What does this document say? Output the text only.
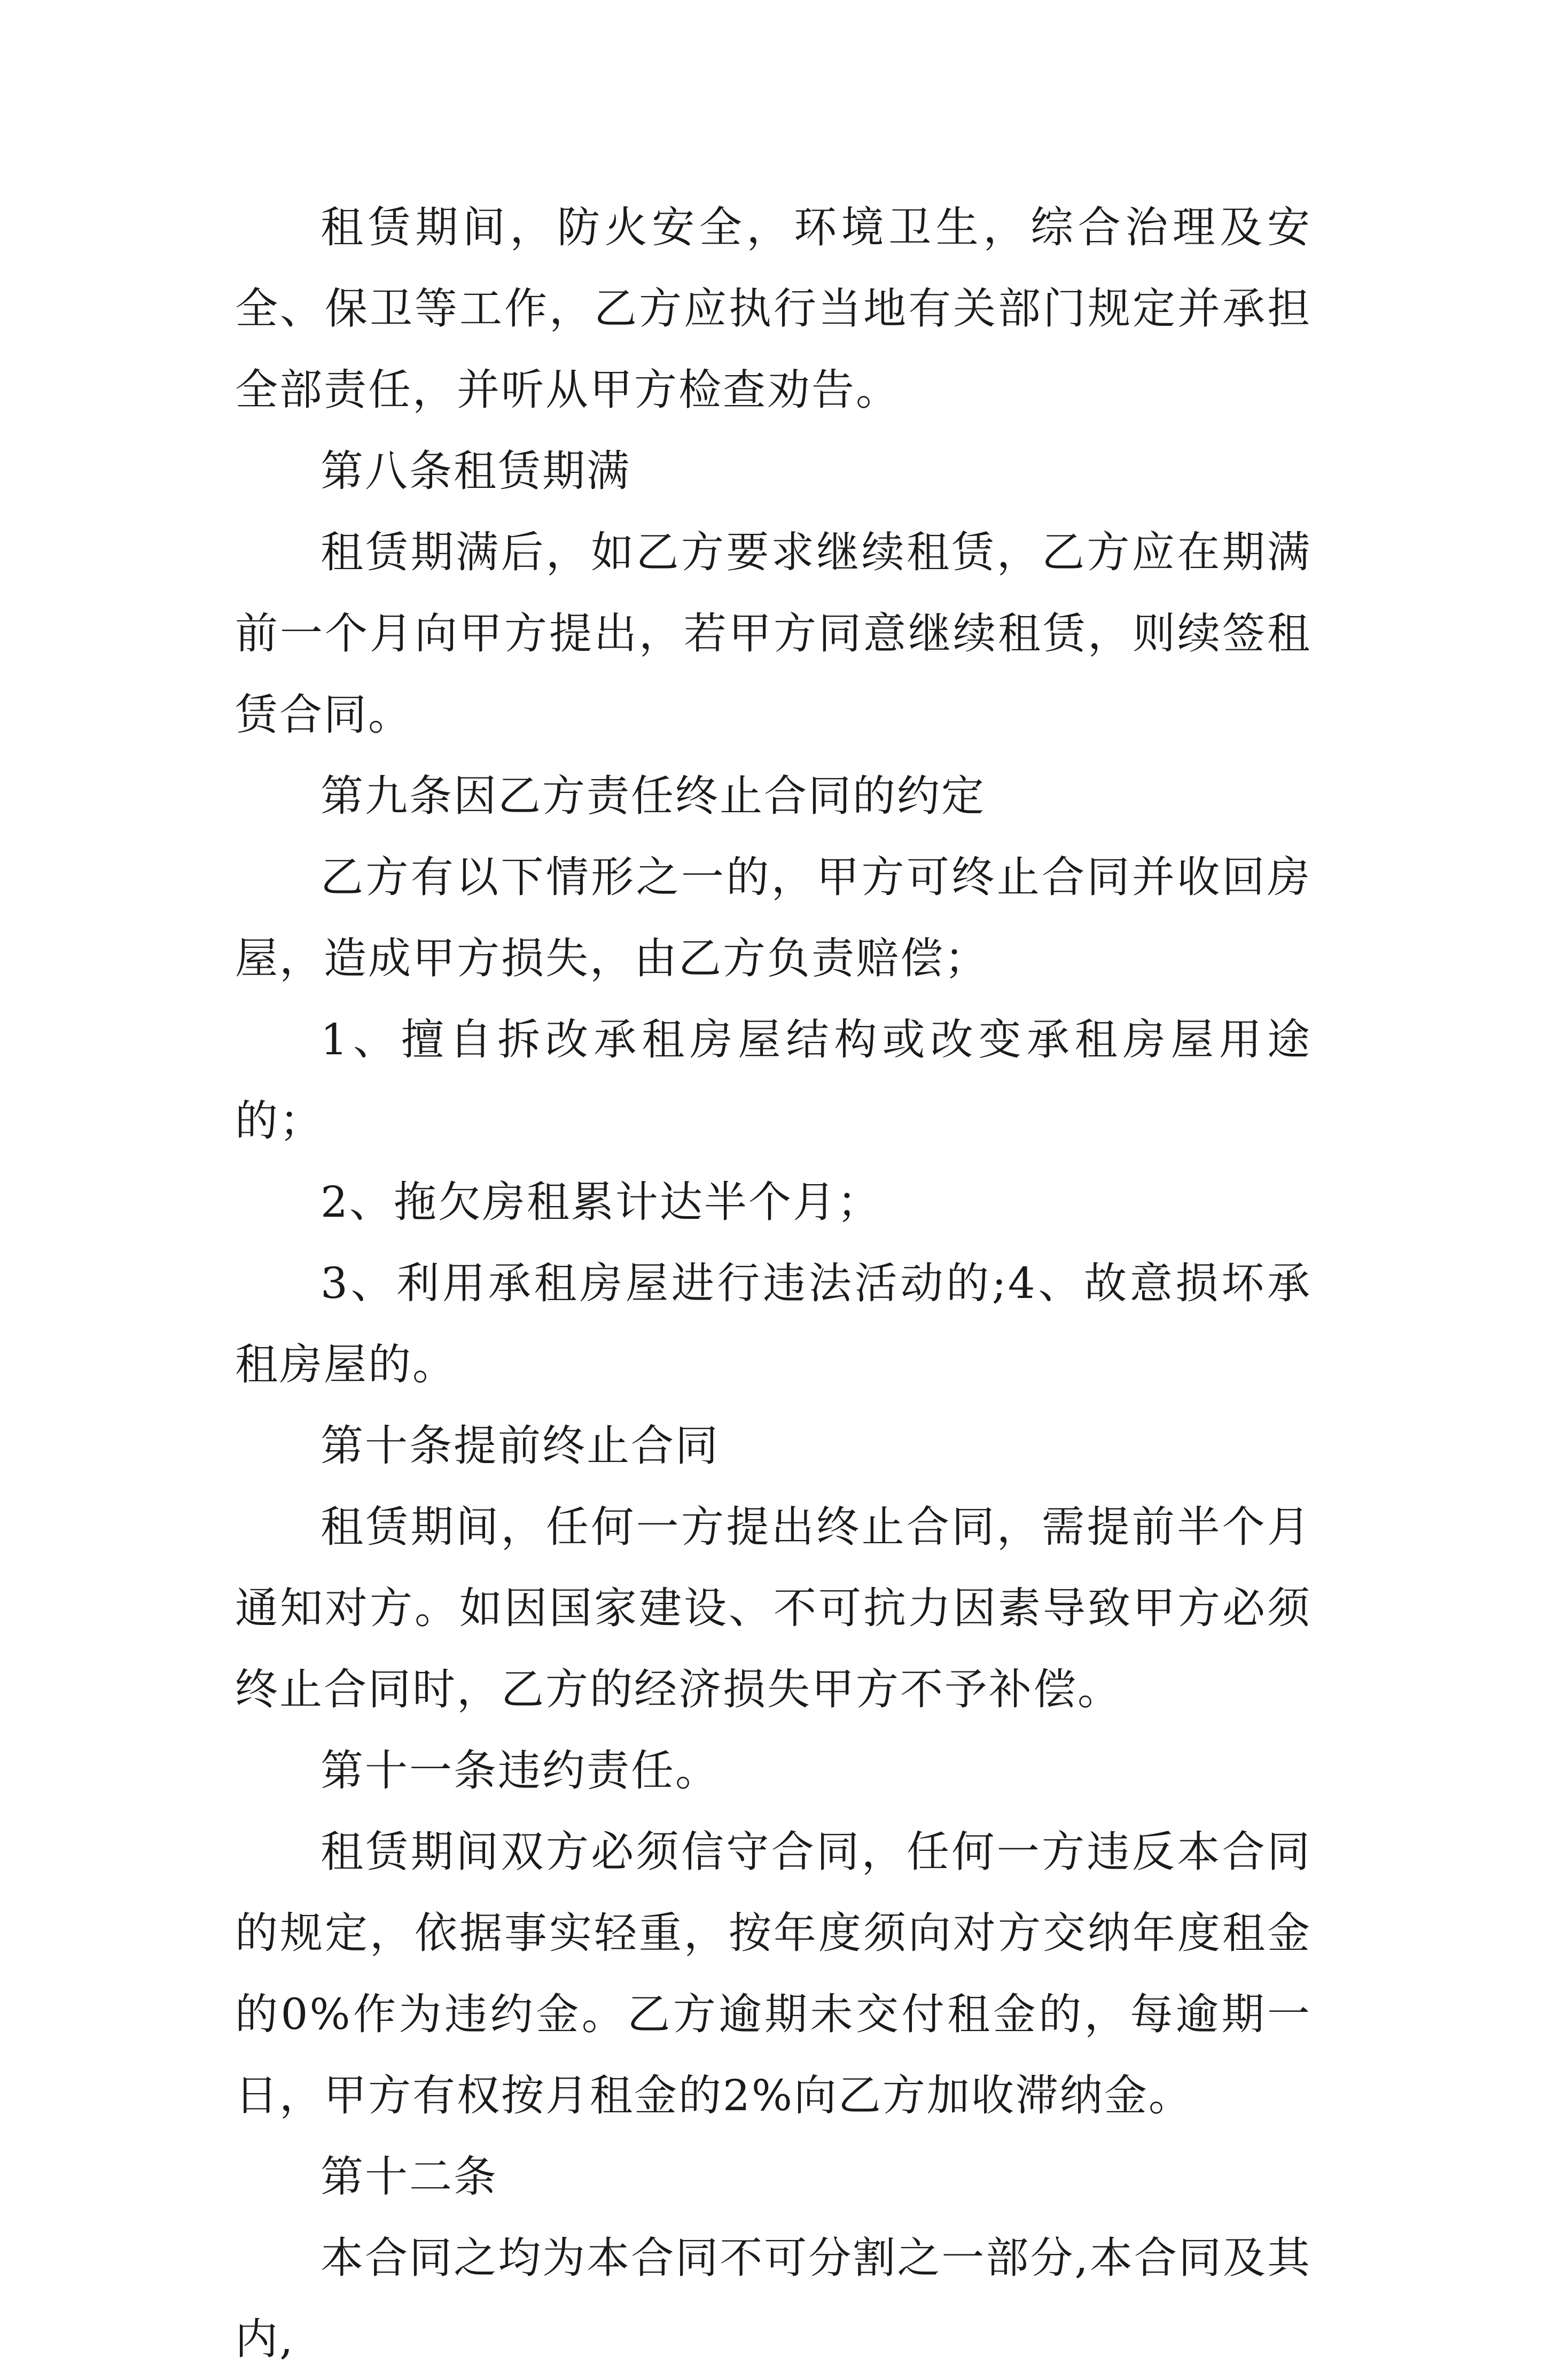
租赁期间，防火安全，环境卫生，综合治理及安全、保卫等工作，乙方应执行当地有关部门规定并承担全部责任，并听从甲方检查劝告。

第八条租赁期满

租赁期满后，如乙方要求继续租赁，乙方应在期满前一个月向甲方提出，若甲方同意继续租赁，则续签租赁合同。

第九条因乙方责任终止合同的约定

乙方有以下情形之一的，甲方可终止合同并收回房屋，造成甲方损失，由乙方负责赔偿；

1、擅自拆改承租房屋结构或改变承租房屋用途的；

2、拖欠房租累计达半个月；

3、利用承租房屋进行违法活动的;4、故意损坏承租房屋的。

第十条提前终止合同

租赁期间，任何一方提出终止合同，需提前半个月通知对方。如因国家建设、不可抗力因素导致甲方必须终止合同时，乙方的经济损失甲方不予补偿。

第十一条违约责任。

租赁期间双方必须信守合同，任何一方违反本合同的规定，依据事实轻重，按年度须向对方交纳年度租金的0%作为违约金。乙方逾期未交付租金的，每逾期一日，甲方有权按月租金的2%向乙方加收滞纳金。

第十二条

本合同之均为本合同不可分割之一部分,本合同及其内,
